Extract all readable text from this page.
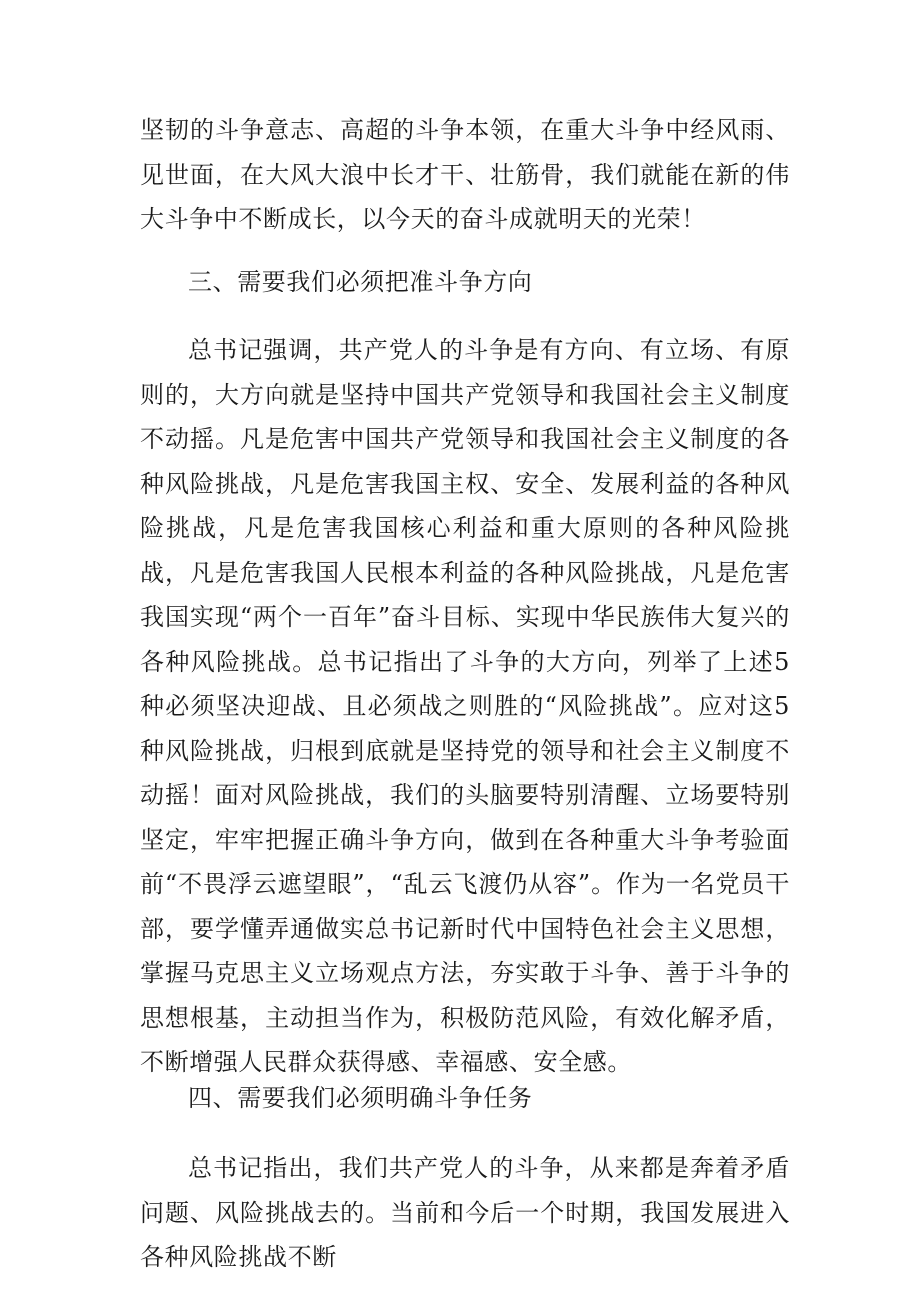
坚韧的斗争意志、高超的斗争本领，在重大斗争中经风雨、见世面，在大风大浪中长才干、壮筋骨，我们就能在新的伟大斗争中不断成长，以今天的奋斗成就明天的光荣！

三、需要我们必须把准斗争方向

总书记强调，共产党人的斗争是有方向、有立场、有原则的，大方向就是坚持中国共产党领导和我国社会主义制度不动摇。凡是危害中国共产党领导和我国社会主义制度的各种风险挑战，凡是危害我国主权、安全、发展利益的各种风险挑战，凡是危害我国核心利益和重大原则的各种风险挑战，凡是危害我国人民根本利益的各种风险挑战，凡是危害我国实现“两个一百年”奋斗目标、实现中华民族伟大复兴的各种风险挑战。总书记指出了斗争的大方向，列举了上述5种必须坚决迎战、且必须战之则胜的“风险挑战”。应对这5种风险挑战，归根到底就是坚持党的领导和社会主义制度不动摇！面对风险挑战，我们的头脑要特别清醒、立场要特别坚定，牢牢把握正确斗争方向，做到在各种重大斗争考验面前“不畏浮云遮望眼”，“乱云飞渡仍从容”。作为一名党员干部，要学懂弄通做实总书记新时代中国特色社会主义思想，掌握马克思主义立场观点方法，夯实敢于斗争、善于斗争的思想根基，主动担当作为，积极防范风险，有效化解矛盾，不断增强人民群众获得感、幸福感、安全感。

四、需要我们必须明确斗争任务

总书记指出，我们共产党人的斗争，从来都是奔着矛盾问题、风险挑战去的。当前和今后一个时期，我国发展进入各种风险挑战不断
